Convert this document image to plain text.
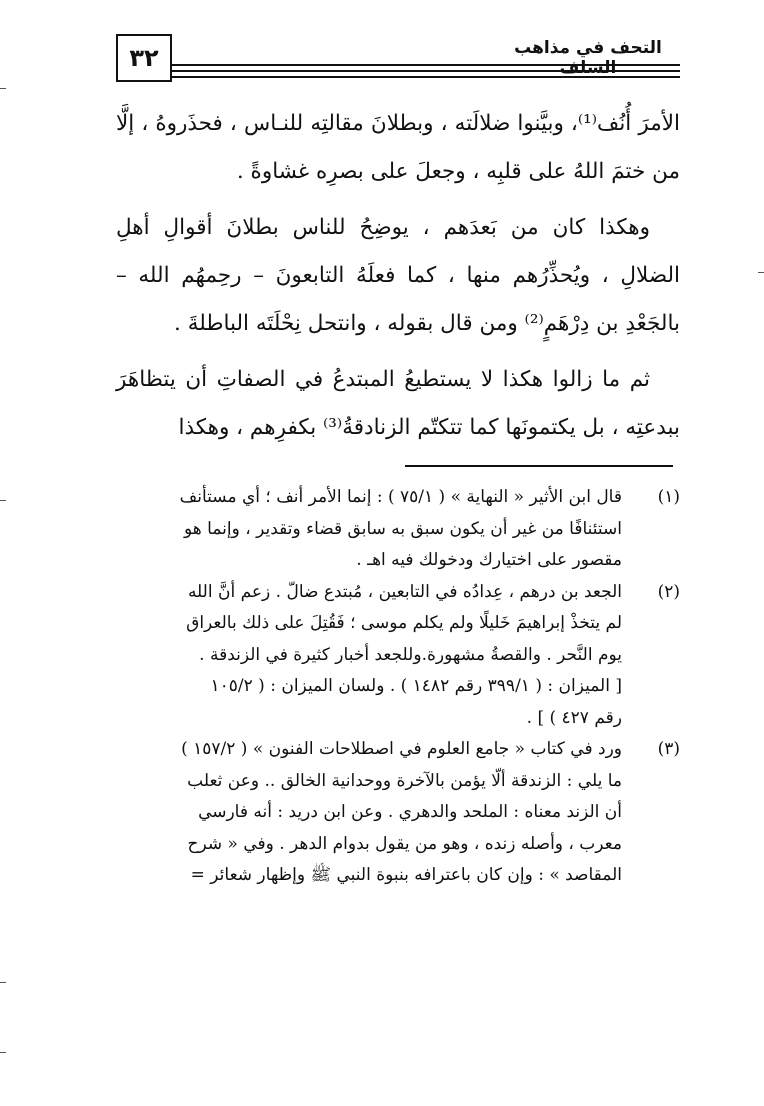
٣٢	التحف في مذاهب السلف

الأمرَ أُنُف⁽¹⁾، وبيَّنوا ضلالَته ، وبطلانَ مقالتِه للنـاس ، فحذَروهُ ، إلَّا من ختمَ اللهُ على قلبِه ، وجعلَ على بصرِه غشاوةً .

وهكذا كان من بَعدَهم ، يوضِحُ للناس بطلانَ أقوالِ أهلِ الضلالِ ، ويُحذِّرُهم منها ، كما فعلَهُ التابعونَ – رحِمهُم الله – بالجَعْدِ بن دِرْهَمٍ⁽²⁾ ومن قال بقوله ، وانتحل نِحْلَتَه الباطلةَ .

ثم ما زالوا هكذا لا يستطيعُ المبتدعُ في الصفاتِ أن يتظاهَرَ ببدعتِه ، بل يكتمونَها كما تتكتّم الزنادقةُ⁽³⁾ بكفرِهم ، وهكذا

(١)
قال ابن الأثير « النهاية » ( ٧٥/١ ) : إنما الأمر أنف ؛ أي مستأنف
استئنافًا من غير أن يكون سبق به سابق قضاء وتقدير ، وإنما هو
مقصور على اختيارك ودخولك فيه اهـ .
(٢)
الجعد بن درهم ، عِدادُه في التابعين ، مُبتدع ضالّ . زعم أنَّ الله
لم يتخذْ إبراهيمَ خَليلًا ولم يكلم موسى ؛ فَقُتِلَ على ذلك بالعراق
يوم النَّحر . والقصةُ مشهورة.وللجعد أخبار كثيرة في الزندقة .
[ الميزان : ( ٣٩٩/١ رقم ١٤٨٢ ) . ولسان الميزان : ( ١٠٥/٢
رقم ٤٢٧ ) ] .
(٣)
ورد في كتاب « جامع العلوم في اصطلاحات الفنون » ( ١٥٧/٢ )
ما يلي : الزندقة ألّا يؤمن بالآخرة ووحدانية الخالق .. وعن ثعلب
أن الزند معناه : الملحد والدهري . وعن ابن دريد : أنه فارسي
معرب ، وأصله زنده ، وهو من يقول بدوام الدهر . وفي « شرح
المقاصد » : وإن كان باعترافه بنبوة النبي ﷺ وإظهار شعائر =
